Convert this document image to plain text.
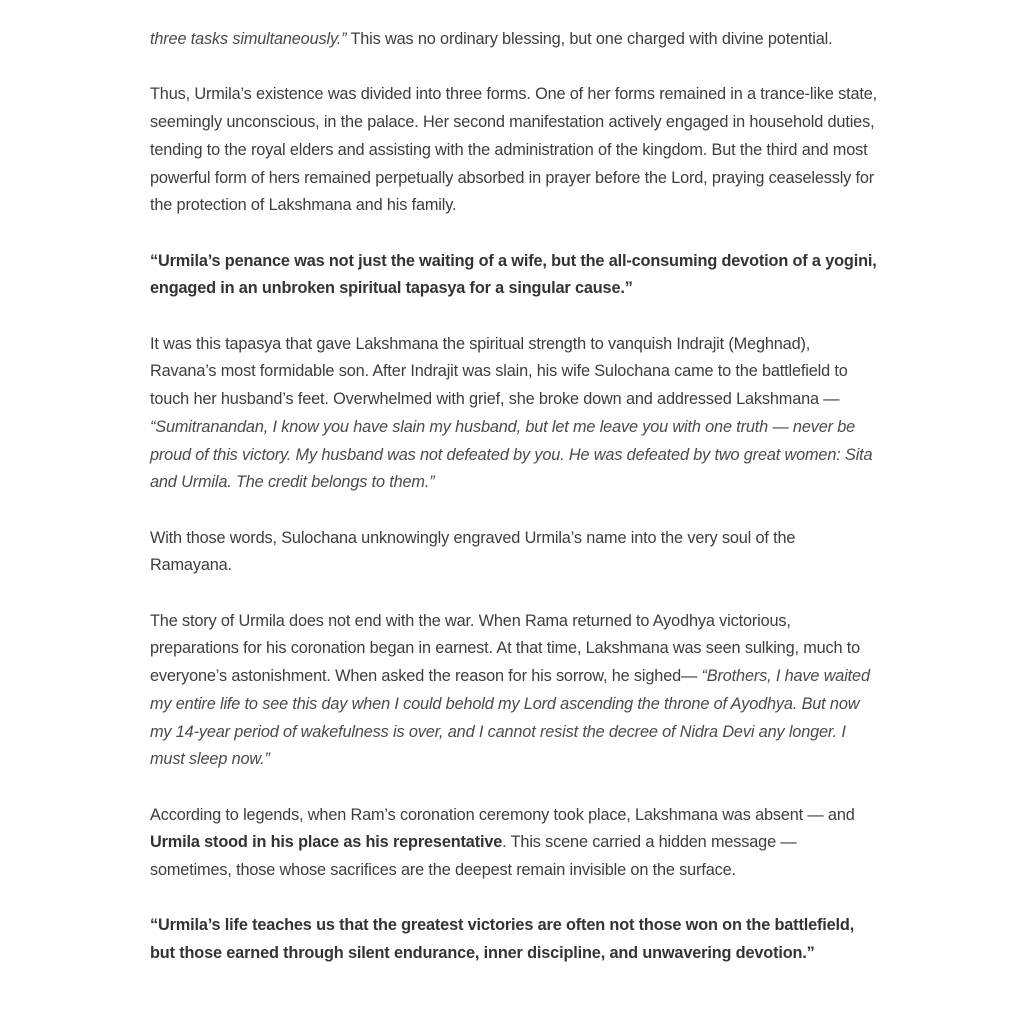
three tasks simultaneously.” This was no ordinary blessing, but one charged with divine potential.

Thus, Urmila’s existence was divided into three forms. One of her forms remained in a trance-like state, seemingly unconscious, in the palace. Her second manifestation actively engaged in household duties, tending to the royal elders and assisting with the administration of the kingdom. But the third and most powerful form of hers remained perpetually absorbed in prayer before the Lord, praying ceaselessly for the protection of Lakshmana and his family.

“Urmila’s penance was not just the waiting of a wife, but the all-consuming devotion of a yogini, engaged in an unbroken spiritual tapasya for a singular cause.”

It was this tapasya that gave Lakshmana the spiritual strength to vanquish Indrajit (Meghnad), Ravana’s most formidable son. After Indrajit was slain, his wife Sulochana came to the battlefield to touch her husband’s feet. Overwhelmed with grief, she broke down and addressed Lakshmana — “Sumitranandan, I know you have slain my husband, but let me leave you with one truth — never be proud of this victory. My husband was not defeated by you. He was defeated by two great women: Sita and Urmila. The credit belongs to them.”

With those words, Sulochana unknowingly engraved Urmila’s name into the very soul of the Ramayana.

The story of Urmila does not end with the war. When Rama returned to Ayodhya victorious, preparations for his coronation began in earnest. At that time, Lakshmana was seen sulking, much to everyone’s astonishment. When asked the reason for his sorrow, he sighed— “Brothers, I have waited my entire life to see this day when I could behold my Lord ascending the throne of Ayodhya. But now my 14-year period of wakefulness is over, and I cannot resist the decree of Nidra Devi any longer. I must sleep now.”

According to legends, when Ram’s coronation ceremony took place, Lakshmana was absent — and Urmila stood in his place as his representative. This scene carried a hidden message — sometimes, those whose sacrifices are the deepest remain invisible on the surface.

“Urmila’s life teaches us that the greatest victories are often not those won on the battlefield, but those earned through silent endurance, inner discipline, and unwavering devotion.”
